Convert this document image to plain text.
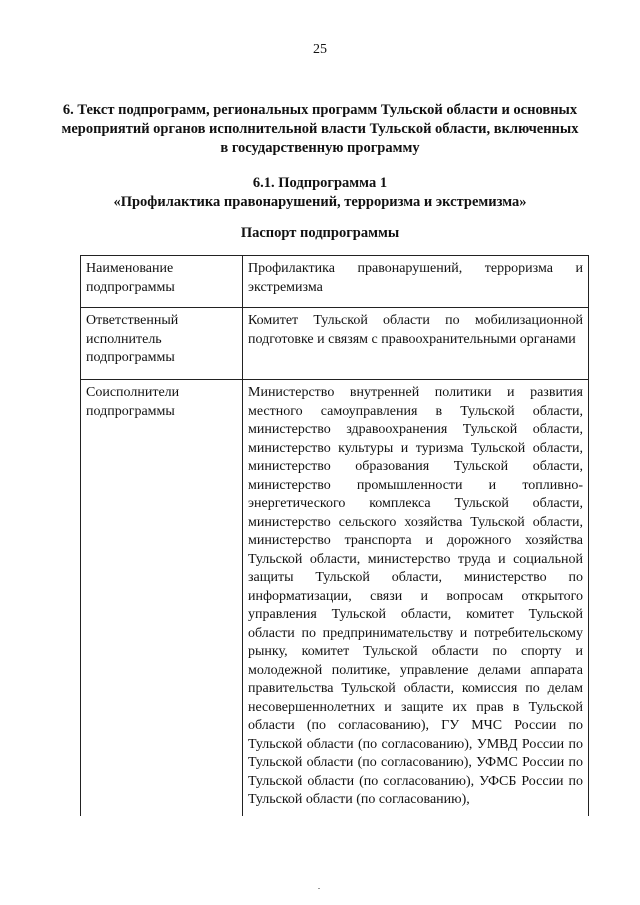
25
6. Текст подпрограмм, региональных программ Тульской области и основных мероприятий органов исполнительной власти Тульской области, включенных в государственную программу
6.1. Подпрограмма 1
«Профилактика правонарушений, терроризма и экстремизма»
Паспорт подпрограммы
Наименование подпрограммы	Профилактика правонарушений, терроризма и экстремизма
Ответственный исполнитель подпрограммы	Комитет Тульской области по мобилизационной подготовке и связям с правоохранительными органами
Соисполнители подпрограммы	Министерство внутренней политики и развития местного самоуправления в Тульской области, министерство здравоохранения Тульской области, министерство культуры и туризма Тульской области, министерство образования Тульской области, министерство промышленности и топливно-энергетического комплекса Тульской области, министерство сельского хозяйства Тульской области, министерство транспорта и дорожного хозяйства Тульской области, министерство труда и социальной защиты Тульской области, министерство по информатизации, связи и вопросам открытого управления Тульской области, комитет Тульской области по предпринимательству и потребительскому рынку, комитет Тульской области по спорту и молодежной политике, управление делами аппарата правительства Тульской области, комиссия по делам несовершеннолетних и защите их прав в Тульской области (по согласованию), ГУ МЧС России по Тульской области (по согласованию), УМВД России по Тульской области (по согласованию), УФМС России по Тульской области (по согласованию), УФСБ России по Тульской области (по согласованию),
